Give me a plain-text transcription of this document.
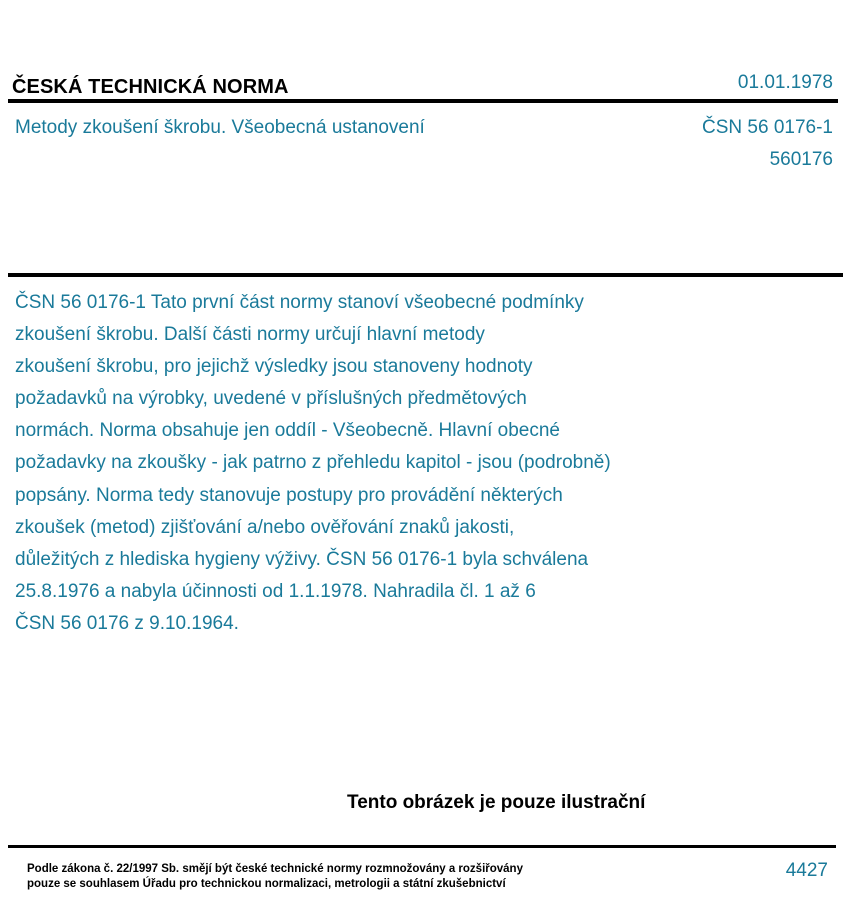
ČESKÁ TECHNICKÁ NORMA	01.01.1978
Metody zkoušení škrobu. Všeobecná ustanovení	ČSN 56 0176-1
560176
ČSN 56 0176-1 Tato první část normy stanoví všeobecné podmínky
zkoušení škrobu. Další části normy určují hlavní metody
zkoušení škrobu, pro jejichž výsledky jsou stanoveny hodnoty
požadavků na výrobky, uvedené v příslušných předmětových
normách. Norma obsahuje jen oddíl - Všeobecně. Hlavní obecné
požadavky na zkoušky - jak patrno z přehledu kapitol - jsou (podrobně)
popsány. Norma tedy stanovuje postupy pro provádění některých
zkoušek (metod) zjišťování a/nebo ověřování znaků jakosti,
důležitých z hlediska hygieny výživy. ČSN 56 0176-1 byla schválena
25.8.1976 a nabyla účinnosti od 1.1.1978. Nahradila čl. 1 až 6
ČSN 56 0176 z 9.10.1964.
Tento obrázek je pouze ilustrační
Podle zákona č. 22/1997 Sb. smějí být české technické normy rozmnožovány a rozšiřovány
pouze se souhlasem Úřadu pro technickou normalizaci, metrologii a státní zkušebnictví
4427
